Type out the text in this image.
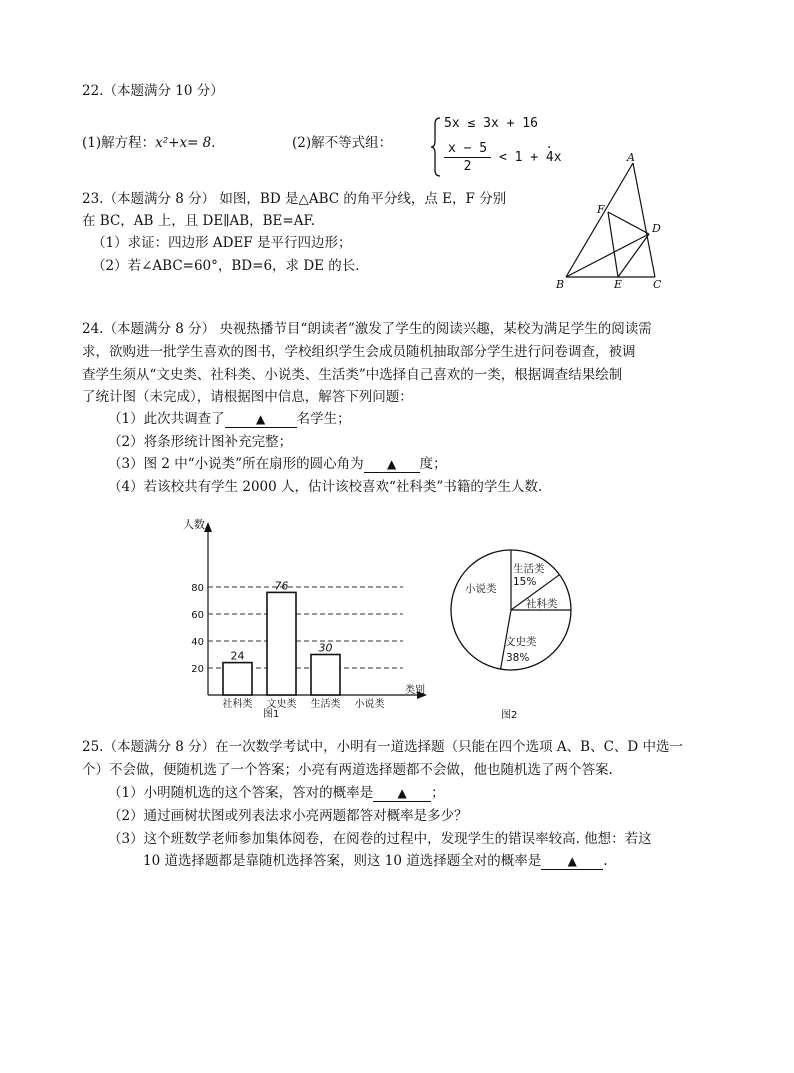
22.（本题满分 10 分）
(1)解方程：x²+x= 8.	(2)解不等式组：
5x ≤ 3x + 16
$\frac{x - 5}{2} < 1 + 4x$
.
23.（本题满分 8 分） 如图，BD 是△ABC 的角平分线，点 E，F 分别
在 BC，AB 上，且 DE∥AB，BE=AF.
（1）求证：四边形 ADEF 是平行四边形；
（2）若∠ABC=60°，BD=6，求 DE 的长.
A
B	C
D
E
F
24.（本题满分 8 分） 央视热播节目“朗读者”激发了学生的阅读兴趣，某校为满足学生的阅读需
求，欲购进一批学生喜欢的图书，学校组织学生会成员随机抽取部分学生进行问卷调查，被调
查学生须从“文史类、社科类、小说类、生活类”中选择自己喜欢的一类，根据调查结果绘制
了统计图（未完成），请根据图中信息，解答下列问题：
（1）此次共调查了	▲ 名学生；
（2）将条形统计图补充完整；
（3）图 2 中“小说类”所在扇形的圆心角为 ▲ 度；
（4）若该校共有学生 2000 人，估计该校喜欢“社科类”书籍的学生人数.
人数
类别
20
40
60
80
24
76
30
社科类 文史类 生活类 小说类
图1
生活类
15%
社科类
文史类
38%
小说类
图2
25.（本题满分 8 分）在一次数学考试中，小明有一道选择题（只能在四个选项 A、B、C、D 中选一
个）不会做，便随机选了一个答案；小亮有两道选择题都不会做，他也随机选了两个答案.
（1）小明随机选的这个答案，答对的概率是 ▲ ；
（2）通过画树状图或列表法求小亮两题都答对概率是多少？
（3）这个班数学老师参加集体阅卷，在阅卷的过程中，发现学生的错误率较高. 他想：若这
10 道选择题都是靠随机选择答案，则这 10 道选择题全对的概率是 ▲ .
